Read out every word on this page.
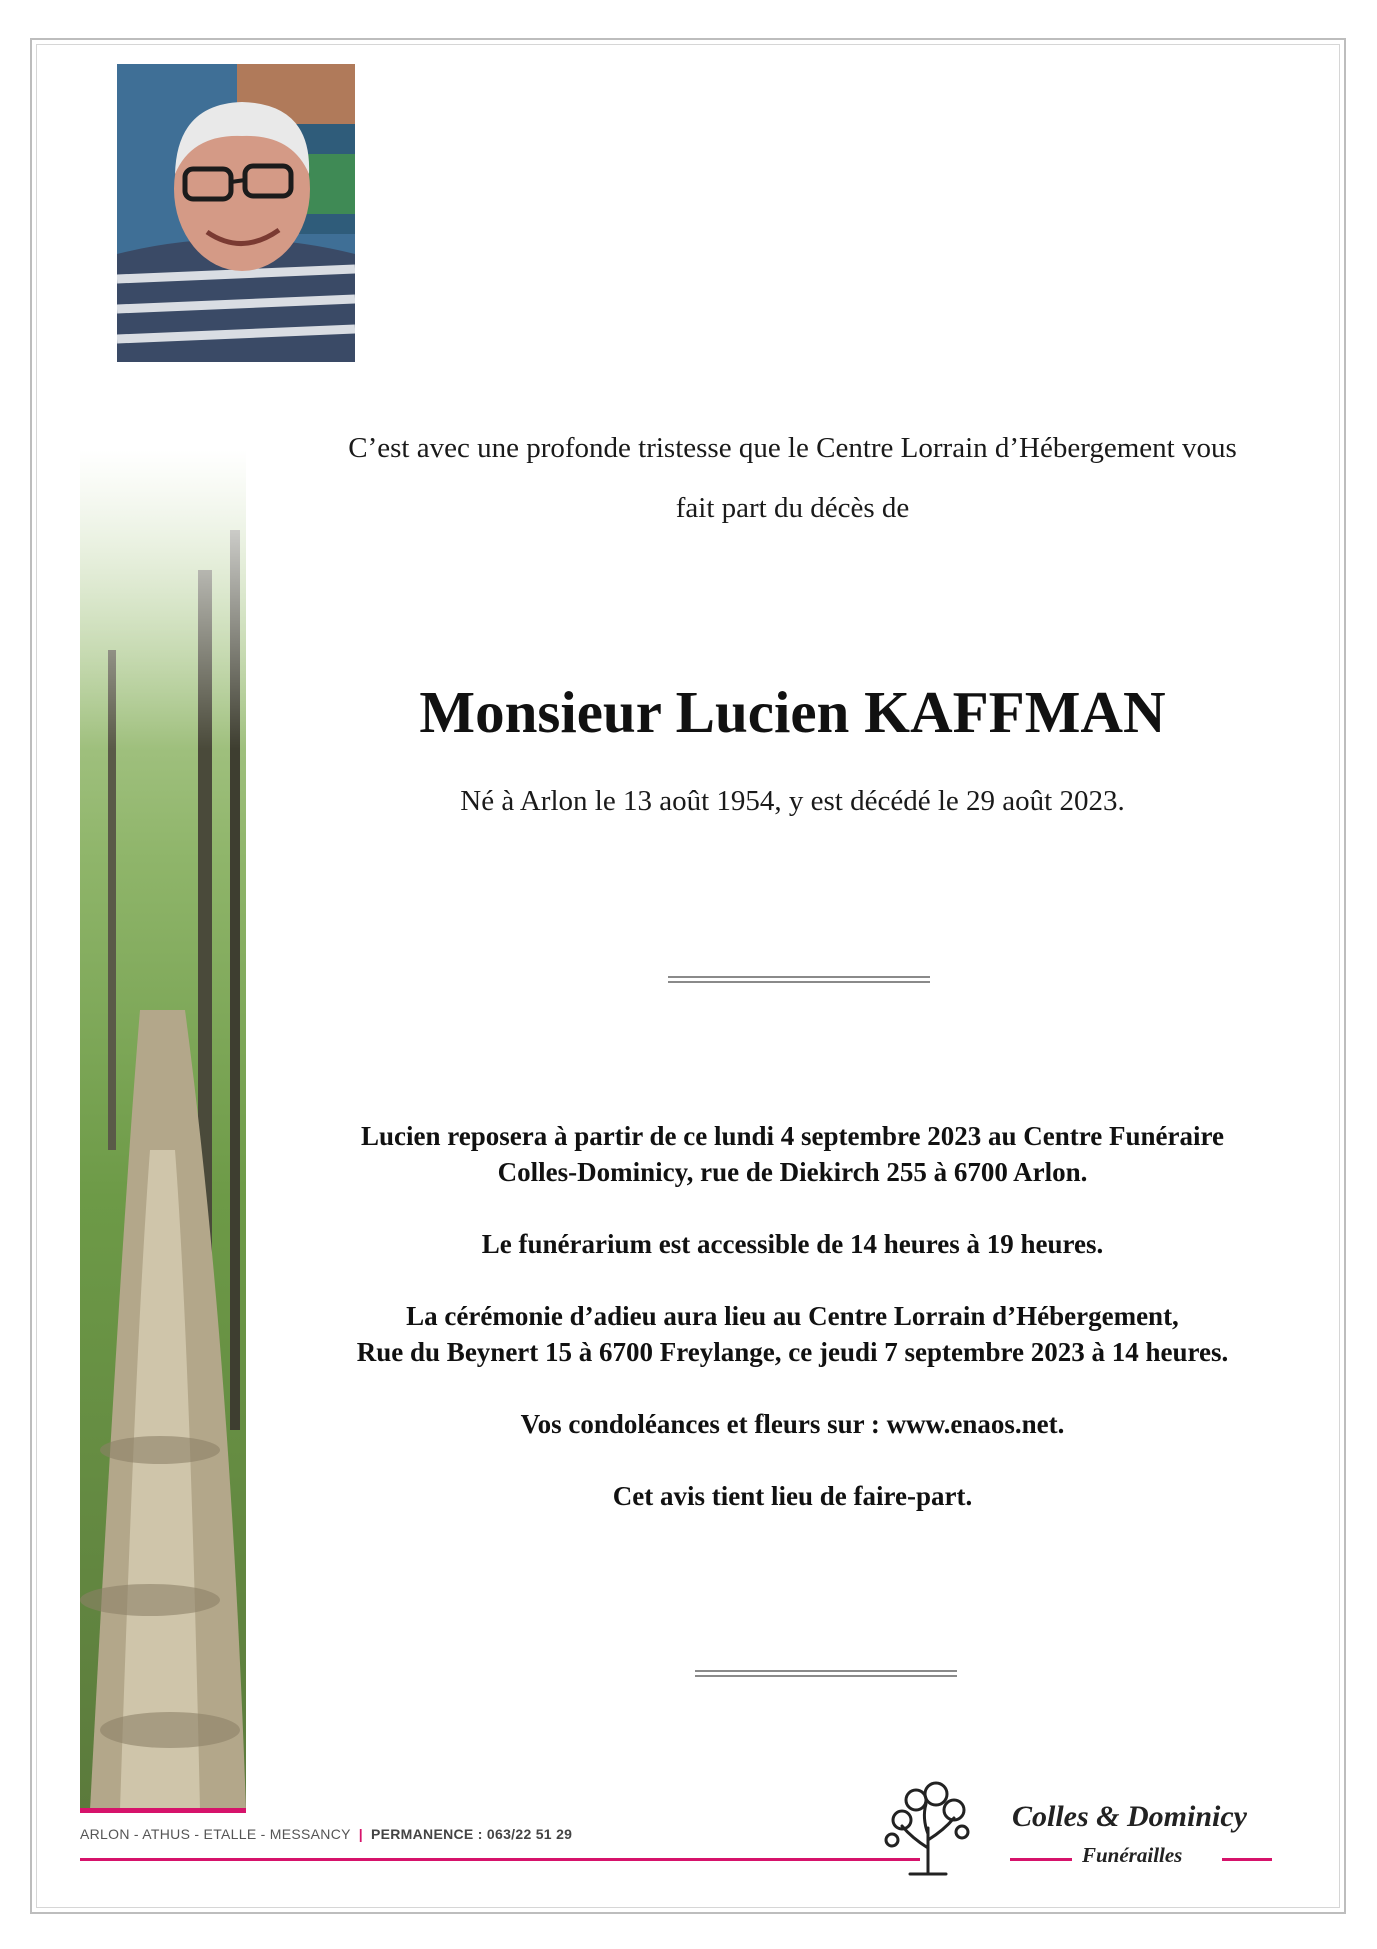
C’est avec une profonde tristesse que le Centre Lorrain d’Hébergement vous
fait part du décès de
Monsieur Lucien KAFFMAN
Né à Arlon le 13 août 1954, y est décédé le 29 août 2023.

Lucien reposera à partir de ce lundi 4 septembre 2023 au Centre Funéraire
Colles-Dominicy, rue de Diekirch 255 à 6700 Arlon.

Le funérarium est accessible de 14 heures à 19 heures.

La cérémonie d’adieu aura lieu au Centre Lorrain d’Hébergement,
Rue du Beynert 15 à 6700 Freylange, ce jeudi 7 septembre 2023 à 14 heures.

Vos condoléances et fleurs sur : www.enaos.net.

Cet avis tient lieu de faire-part.

ARLON - ATHUS - ETALLE - MESSANCY | PERMANENCE : 063/22 51 29
Colles & Dominicy
Funérailles
